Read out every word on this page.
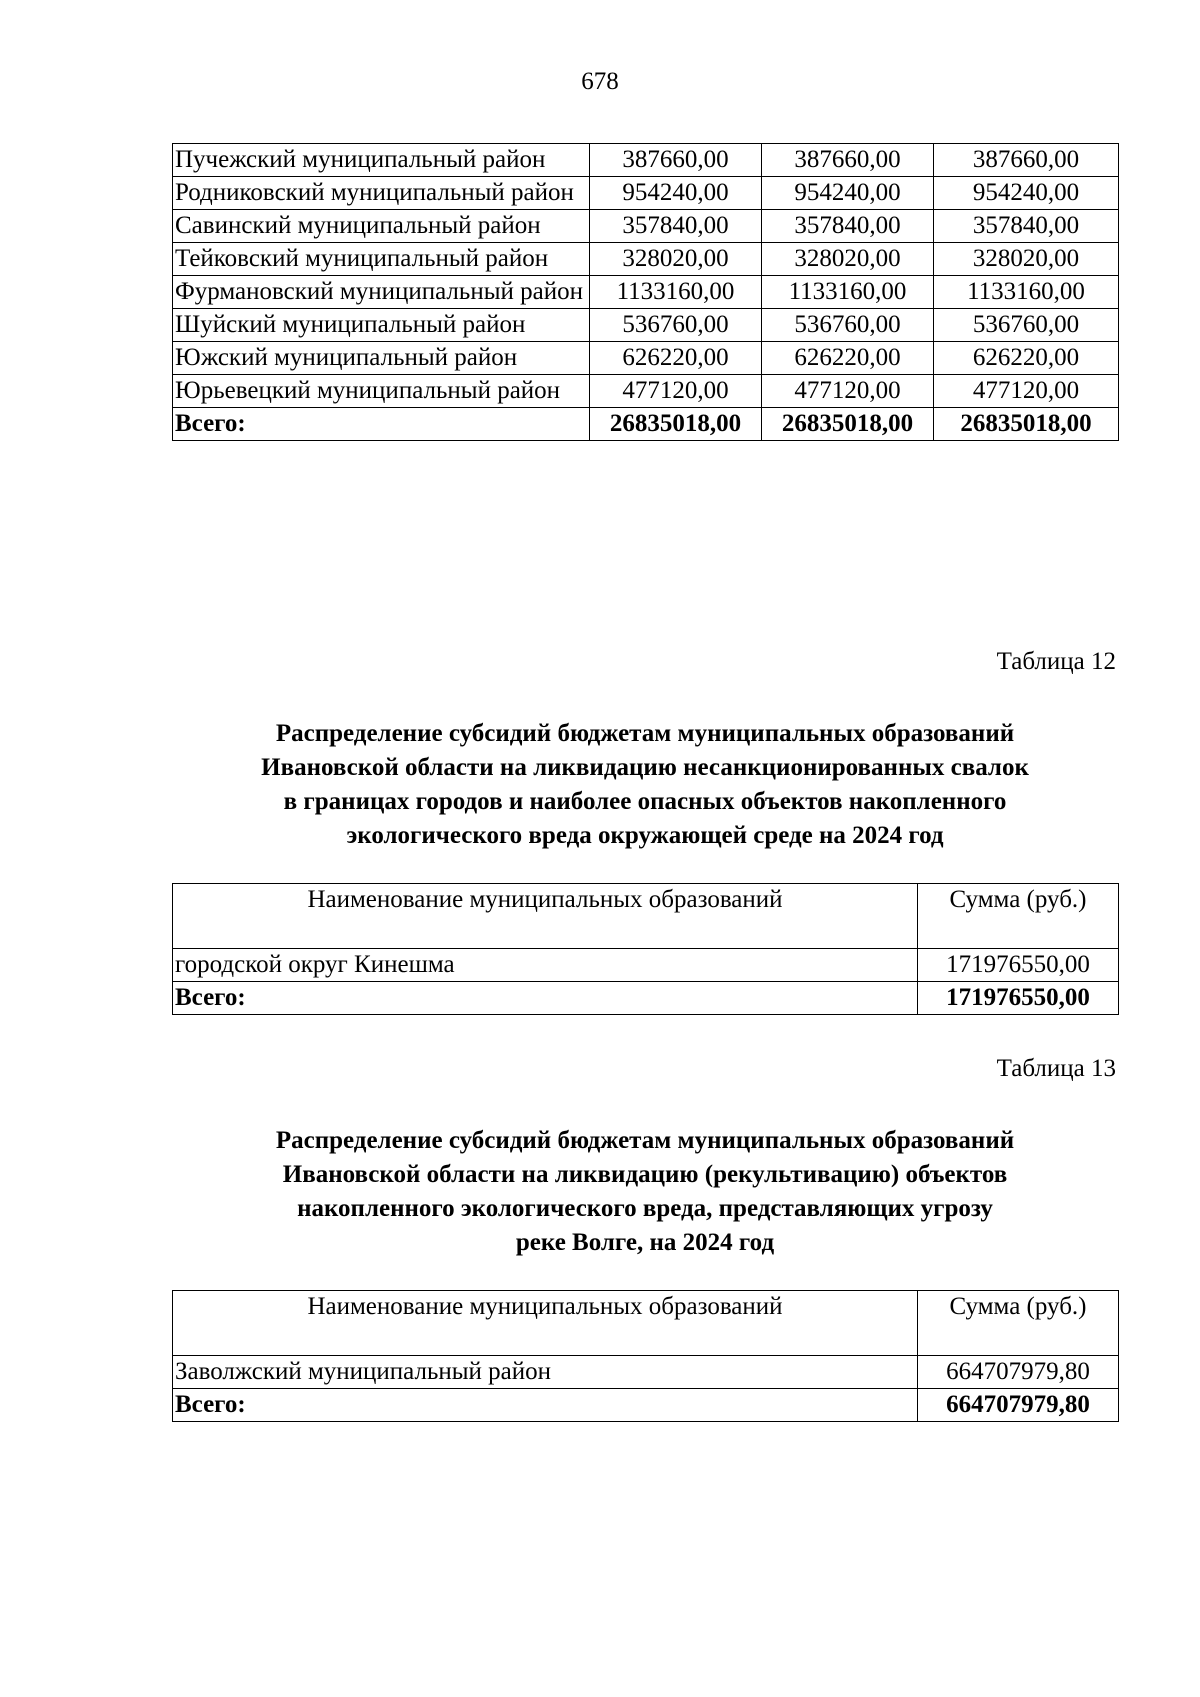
678
Пучежский муниципальный район	387660,00	387660,00	387660,00
Родниковский муниципальный район	954240,00	954240,00	954240,00
Савинский муниципальный район	357840,00	357840,00	357840,00
Тейковский муниципальный район	328020,00	328020,00	328020,00
Фурмановский муниципальный район	1133160,00	1133160,00	1133160,00
Шуйский муниципальный район	536760,00	536760,00	536760,00
Южский муниципальный район	626220,00	626220,00	626220,00
Юрьевецкий муниципальный район	477120,00	477120,00	477120,00
Всего:	26835018,00	26835018,00	26835018,00
Таблица 12
Распределение субсидий бюджетам муниципальных образований
Ивановской области на ликвидацию несанкционированных свалок
в границах городов и наиболее опасных объектов накопленного
экологического вреда окружающей среде на 2024 год
Наименование муниципальных образований	Сумма (руб.)
городской округ Кинешма	171976550,00
Всего:	171976550,00
Таблица 13
Распределение субсидий бюджетам муниципальных образований
Ивановской области на ликвидацию (рекультивацию) объектов
накопленного экологического вреда, представляющих угрозу
реке Волге, на 2024 год
Наименование муниципальных образований	Сумма (руб.)
Заволжский муниципальный район	664707979,80
Всего:	664707979,80
